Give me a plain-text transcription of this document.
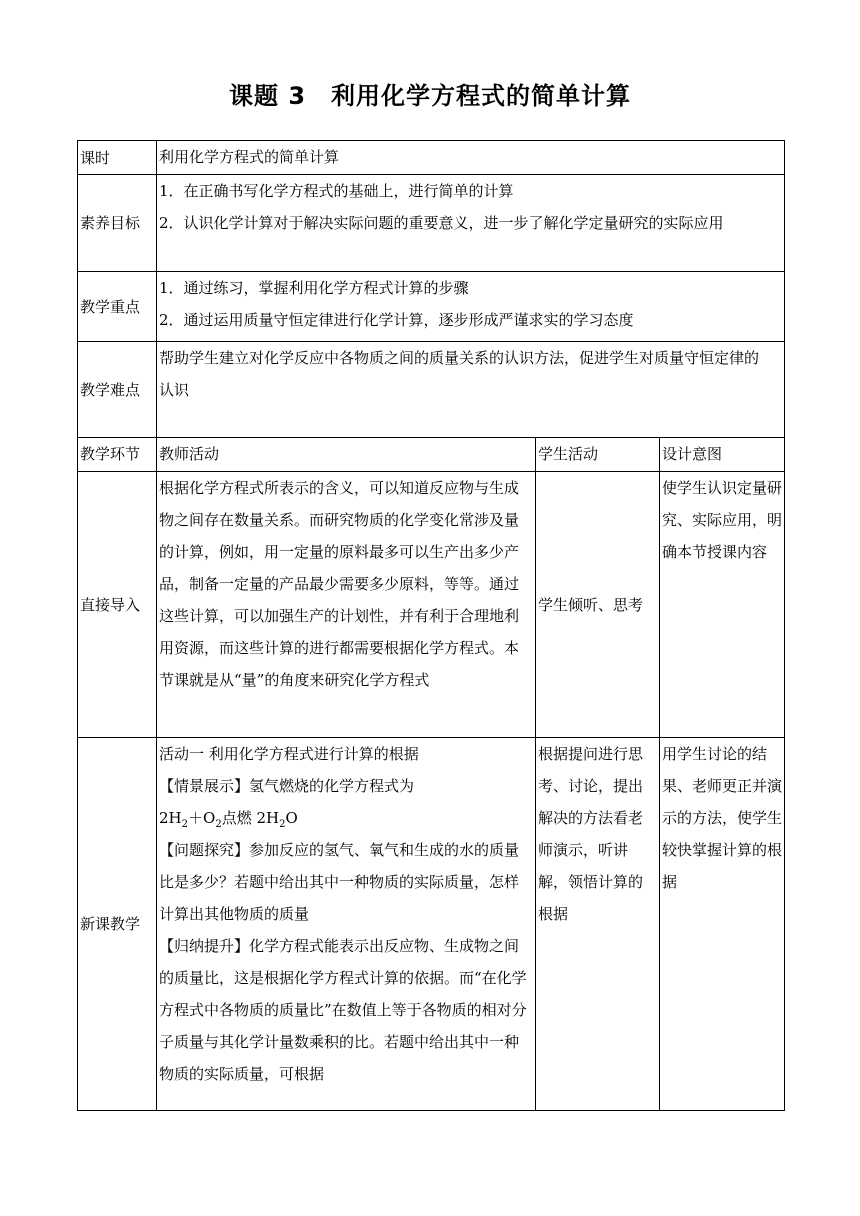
课题 3　利用化学方程式的简单计算
课时	利用化学方程式的简单计算		
素养目标	1．在正确书写化学方程式的基础上，进行简单的计算
2．认识化学计算对于解决实际问题的重要意义，进一步了解化学定量研究的实际应用		

教学重点	1．通过练习，掌握利用化学方程式计算的步骤
2．通过运用质量守恒定律进行化学计算，逐步形成严谨求实的学习态度		

教学难点	帮助学生建立对化学反应中各物质之间的质量关系的认识方法，促进学生对质量守恒定律的
认识		

教学环节	教师活动	学生活动	设计意图
直接导入	根据化学方程式所表示的含义，可以知道反应物与生成物之间存在数量关系。而研究物质的化学变化常涉及量的计算，例如，用一定量的原料最多可以生产出多少产品，制备一定量的产品最少需要多少原料，等等。通过这些计算，可以加强生产的计划性，并有利于合理地利用资源，而这些计算的进行都需要根据化学方程式。本节课就是从“量”的角度来研究化学方程式	学生倾听、思考	使学生认识定量研究、实际应用，明确本节授课内容
新课教学	活动一 利用化学方程式进行计算的根据
【情景展示】氢气燃烧的化学方程式为
$2H_2+O_2$点燃 $2H_2O$
【问题探究】参加反应的氢气、氧气和生成的水的质量比是多少？若题中给出其中一种物质的实际质量，怎样计算出其他物质的质量
【归纳提升】化学方程式能表示出反应物、生成物之间的质量比，这是根据化学方程式计算的依据。而“在化学方程式中各物质的质量比”在数值上等于各物质的相对分子质量与其化学计量数乘积的比。若题中给出其中一种物质的实际质量，可根据	根据提问进行思考、讨论，提出解决的方法看老师演示，听讲解，领悟计算的根据	用学生讨论的结果、老师更正并演示的方法，使学生较快掌握计算的根据
